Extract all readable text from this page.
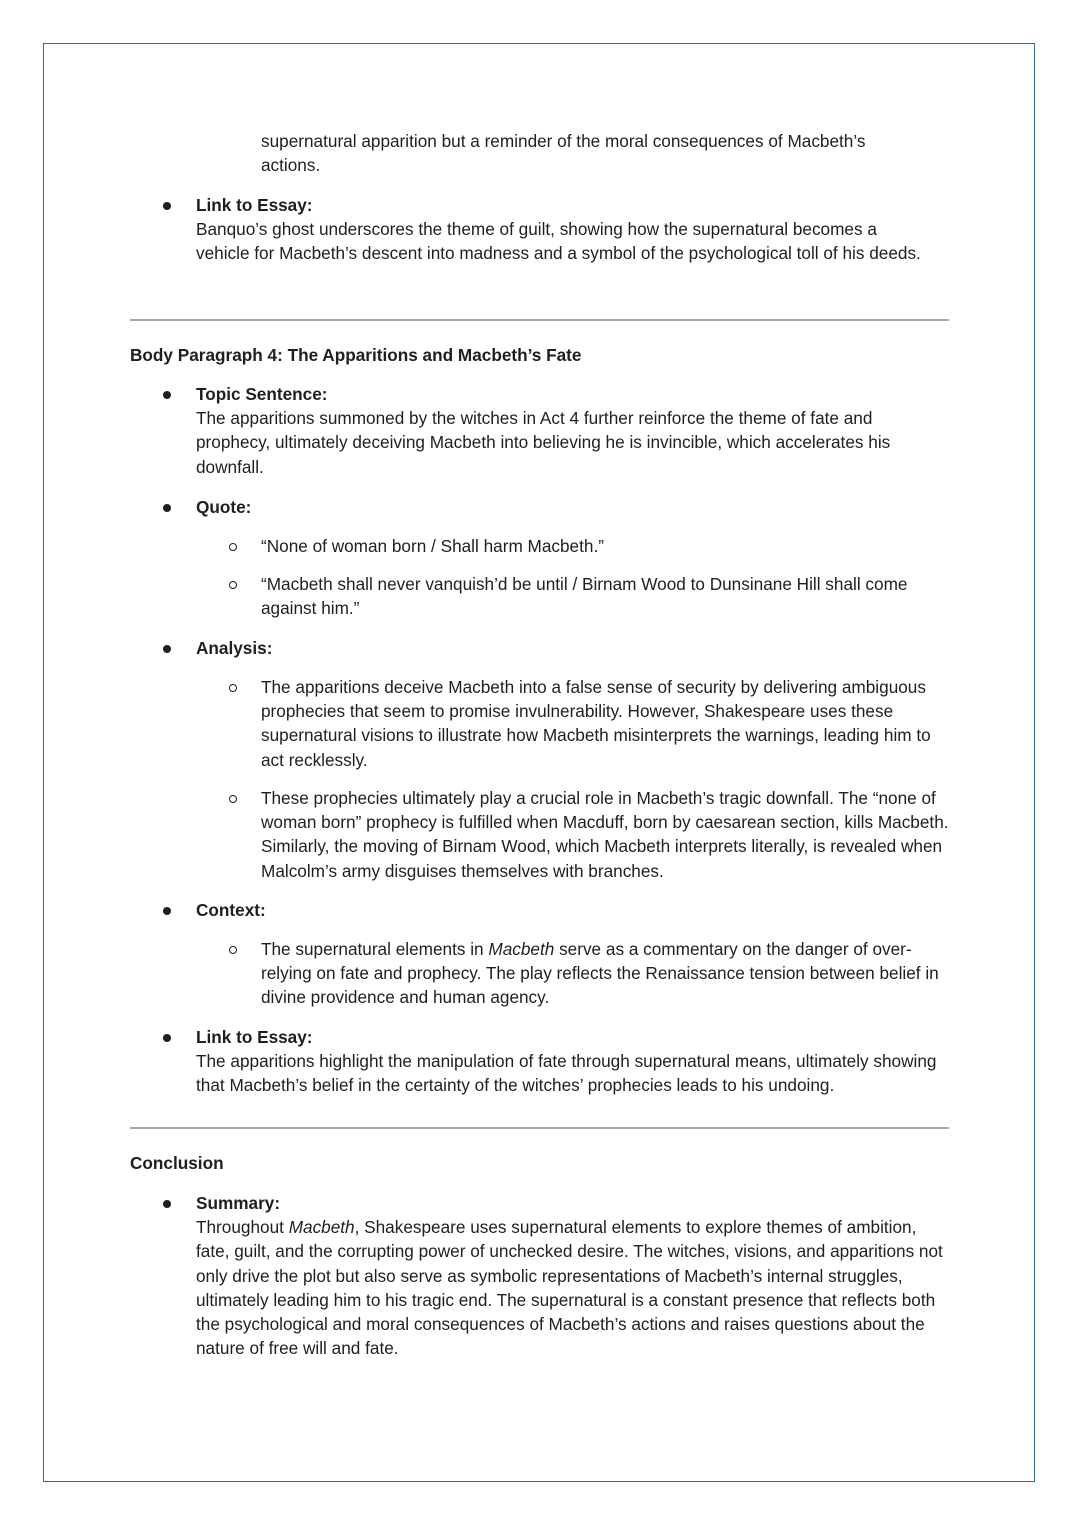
supernatural apparition but a reminder of the moral consequences of Macbeth’s actions.

Link to Essay:
Banquo’s ghost underscores the theme of guilt, showing how the supernatural becomes a vehicle for Macbeth’s descent into madness and a symbol of the psychological toll of his deeds.
Body Paragraph 4: The Apparitions and Macbeth’s Fate
Topic Sentence:
The apparitions summoned by the witches in Act 4 further reinforce the theme of fate and prophecy, ultimately deceiving Macbeth into believing he is invincible, which accelerates his downfall.
Quote:
“None of woman born / Shall harm Macbeth.”
“Macbeth shall never vanquish’d be until / Birnam Wood to Dunsinane Hill shall come against him.”
Analysis:
The apparitions deceive Macbeth into a false sense of security by delivering ambiguous prophecies that seem to promise invulnerability. However, Shakespeare uses these supernatural visions to illustrate how Macbeth misinterprets the warnings, leading him to act recklessly.
These prophecies ultimately play a crucial role in Macbeth’s tragic downfall. The “none of woman born” prophecy is fulfilled when Macduff, born by caesarean section, kills Macbeth. Similarly, the moving of Birnam Wood, which Macbeth interprets literally, is revealed when Malcolm’s army disguises themselves with branches.
Context:
The supernatural elements in Macbeth serve as a commentary on the danger of over-relying on fate and prophecy. The play reflects the Renaissance tension between belief in divine providence and human agency.
Link to Essay:
The apparitions highlight the manipulation of fate through supernatural means, ultimately showing that Macbeth’s belief in the certainty of the witches’ prophecies leads to his undoing.
Conclusion
Summary:
Throughout Macbeth, Shakespeare uses supernatural elements to explore themes of ambition, fate, guilt, and the corrupting power of unchecked desire. The witches, visions, and apparitions not only drive the plot but also serve as symbolic representations of Macbeth’s internal struggles, ultimately leading him to his tragic end. The supernatural is a constant presence that reflects both the psychological and moral consequences of Macbeth’s actions and raises questions about the nature of free will and fate.
